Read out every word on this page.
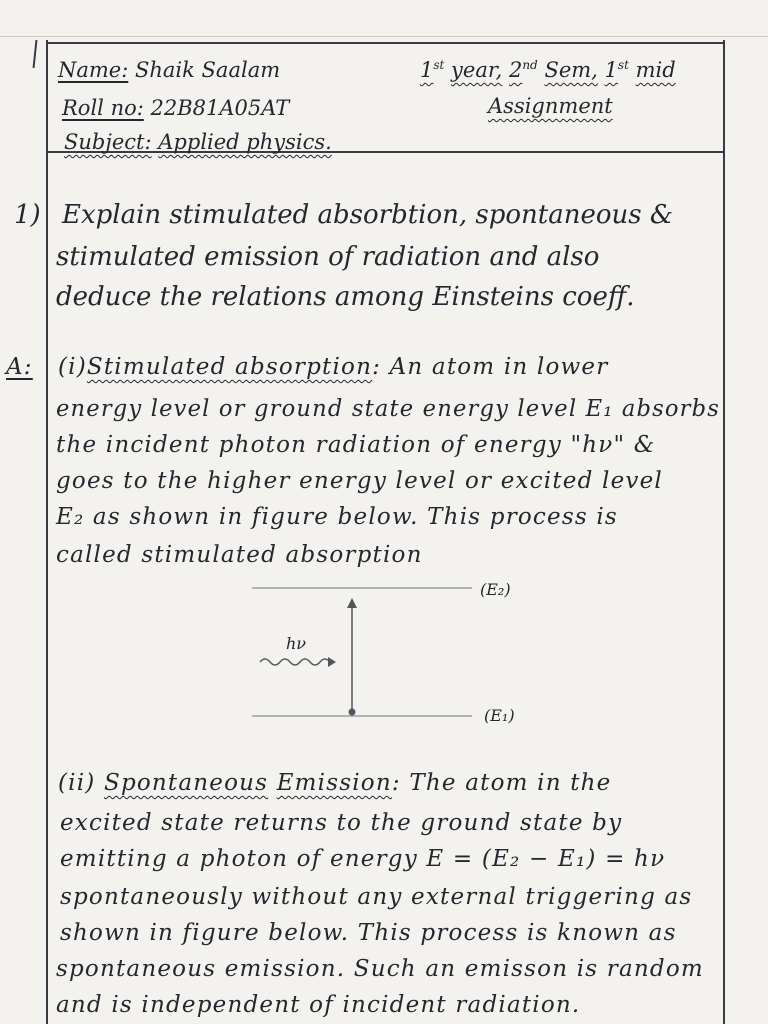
Name: Shaik Saalam
Roll no: 22B81A05AT
Subject: Applied physics.
1st year, 2nd Sem, 1st mid
Assignment
1) Explain stimulated absorbtion, spontaneous &
stimulated emission of radiation and also
deduce the relations among Einsteins coeff.
A: (i)Stimulated absorption: An atom in lower
energy level or ground state energy level E₁ absorbs
the incident photon radiation of energy "hν" &
goes to the higher energy level or excited level
E₂ as shown in figure below. This process is
called stimulated absorption
(E₂)
(E₁)
hν
(ii) Spontaneous Emission: The atom in the
excited state returns to the ground state by
emitting a photon of energy E = (E₂ − E₁) = hν
spontaneously without any external triggering as
shown in figure below. This process is known as
spontaneous emission. Such an emisson is random
and is independent of incident radiation.
